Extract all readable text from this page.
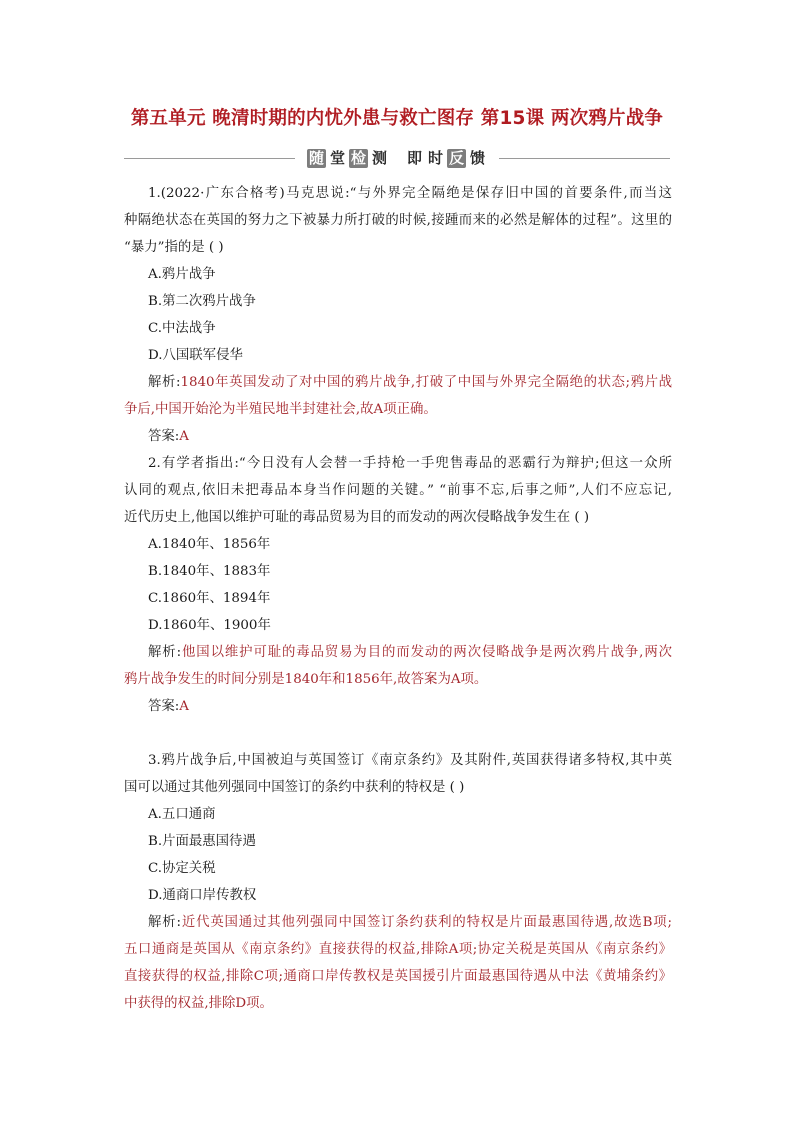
第五单元 晚清时期的内忧外患与救亡图存 第15课 两次鸦片战争
随 堂 检 测 即 时 反 馈
1.(2022·广东合格考)马克思说:“与外界完全隔绝是保存旧中国的首要条件,而当这
种隔绝状态在英国的努力之下被暴力所打破的时候,接踵而来的必然是解体的过程”。这里的
“暴力”指的是 ( )
A.鸦片战争
B.第二次鸦片战争
C.中法战争
D.八国联军侵华
解析:1840年英国发动了对中国的鸦片战争,打破了中国与外界完全隔绝的状态;鸦片战
争后,中国开始沦为半殖民地半封建社会,故A项正确。
答案:A
2.有学者指出:“今日没有人会替一手持枪一手兜售毒品的恶霸行为辩护;但这一众所
认同的观点,依旧未把毒品本身当作问题的关键。” “前事不忘,后事之师”,人们不应忘记,
近代历史上,他国以维护可耻的毒品贸易为目的而发动的两次侵略战争发生在 ( )
A.1840年、1856年
B.1840年、1883年
C.1860年、1894年
D.1860年、1900年
解析:他国以维护可耻的毒品贸易为目的而发动的两次侵略战争是两次鸦片战争,两次
鸦片战争发生的时间分别是1840年和1856年,故答案为A项。
答案:A
3.鸦片战争后,中国被迫与英国签订《南京条约》及其附件,英国获得诸多特权,其中英
国可以通过其他列强同中国签订的条约中获利的特权是 ( )
A.五口通商
B.片面最惠国待遇
C.协定关税
D.通商口岸传教权
解析:近代英国通过其他列强同中国签订条约获利的特权是片面最惠国待遇,故选B项;
五口通商是英国从《南京条约》直接获得的权益,排除A项;协定关税是英国从《南京条约》
直接获得的权益,排除C项;通商口岸传教权是英国援引片面最惠国待遇从中法《黄埔条约》
中获得的权益,排除D项。
